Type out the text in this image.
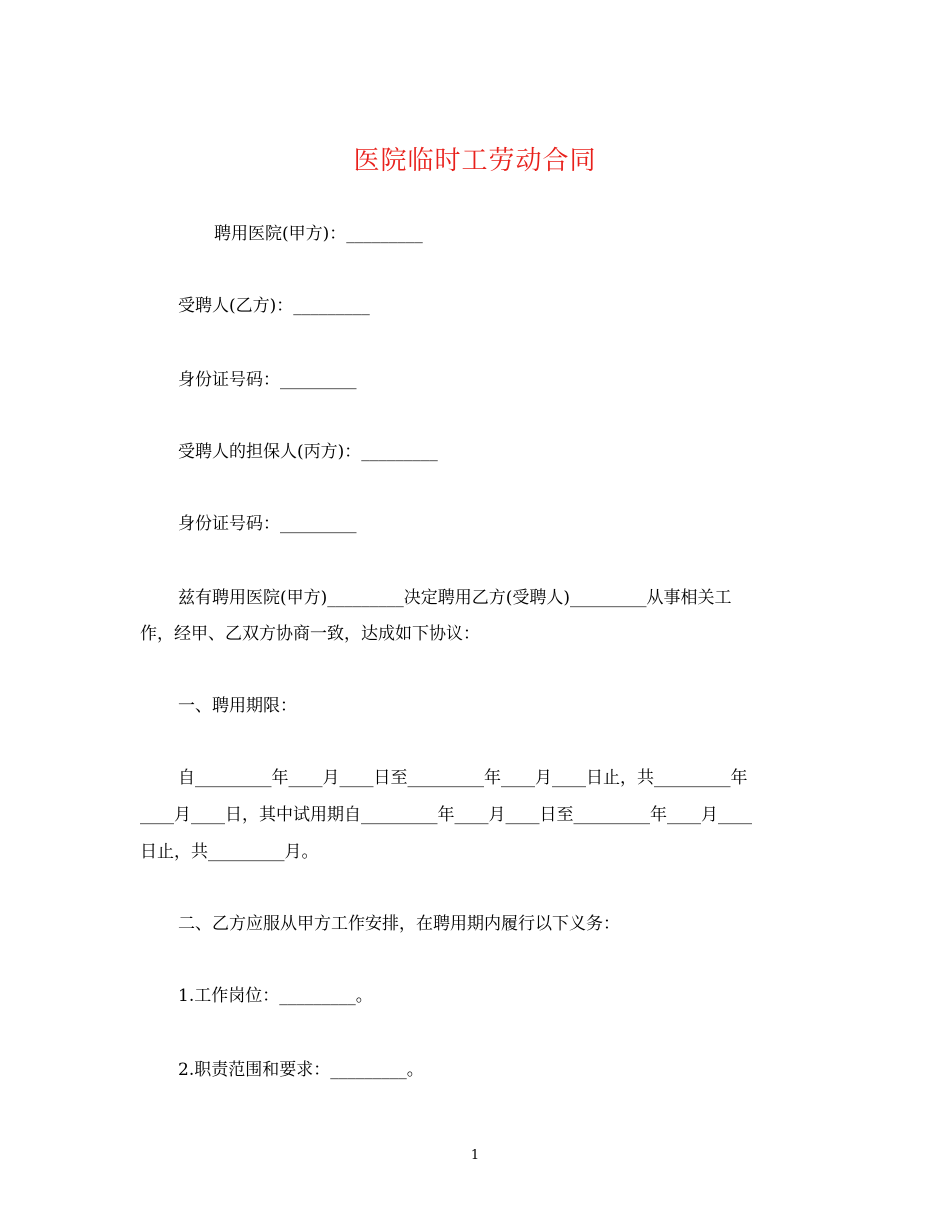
医院临时工劳动合同
聘用医院(甲方)：_________
受聘人(乙方)：_________
身份证号码：_________
受聘人的担保人(丙方)：_________
身份证号码：_________
兹有聘用医院(甲方)_________决定聘用乙方(受聘人)_________从事相关工
作，经甲、乙双方协商一致，达成如下协议：
一、聘用期限：
自_________年____月____日至_________年____月____日止，共_________年
____月____日，其中试用期自_________年____月____日至_________年____月____
日止，共_________月。
二、乙方应服从甲方工作安排，在聘用期内履行以下义务：
1.工作岗位：_________。
2.职责范围和要求：_________。
1
